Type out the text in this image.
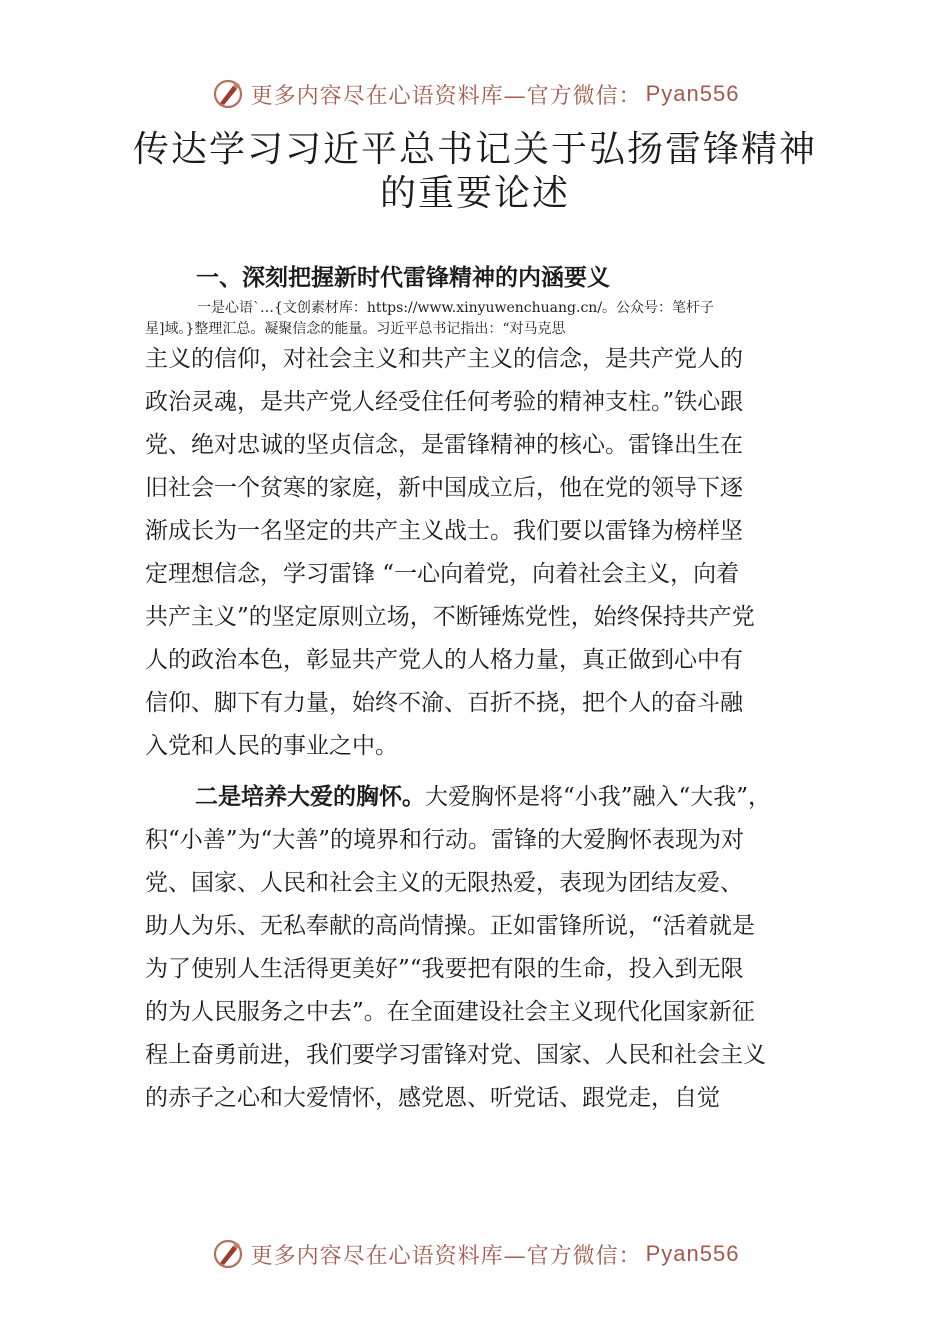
更多内容尽在心语资料库—官方微信： Pyan556
传达学习习近平总书记关于弘扬雷锋精神
的重要论述
一、深刻把握新时代雷锋精神的内涵要义
一是心语`…{文创素材库：https://www.xinyuwenchuang.cn/。公众号：笔杆子
星]域。}整理汇总。凝聚信念的能量。习近平总书记指出：“对马克思
主义的信仰，对社会主义和共产主义的信念，是共产党人的
政治灵魂，是共产党人经受住任何考验的精神支柱。”铁心跟
党、绝对忠诚的坚贞信念，是雷锋精神的核心。雷锋出生在
旧社会一个贫寒的家庭，新中国成立后，他在党的领导下逐
渐成长为一名坚定的共产主义战士。我们要以雷锋为榜样坚
定理想信念，学习雷锋 “一心向着党，向着社会主义，向着
共产主义”的坚定原则立场，不断锤炼党性，始终保持共产党
人的政治本色，彰显共产党人的人格力量，真正做到心中有
信仰、脚下有力量，始终不渝、百折不挠，把个人的奋斗融
入党和人民的事业之中。
二是培养大爱的胸怀。大爱胸怀是将“小我”融入“大我”，
积“小善”为“大善”的境界和行动。雷锋的大爱胸怀表现为对
党、国家、人民和社会主义的无限热爱，表现为团结友爱、
助人为乐、无私奉献的高尚情操。正如雷锋所说，“活着就是
为了使别人生活得更美好”“我要把有限的生命，投入到无限
的为人民服务之中去”。在全面建设社会主义现代化国家新征
程上奋勇前进，我们要学习雷锋对党、国家、人民和社会主义
的赤子之心和大爱情怀，感党恩、听党话、跟党走，自觉
更多内容尽在心语资料库—官方微信： Pyan556
